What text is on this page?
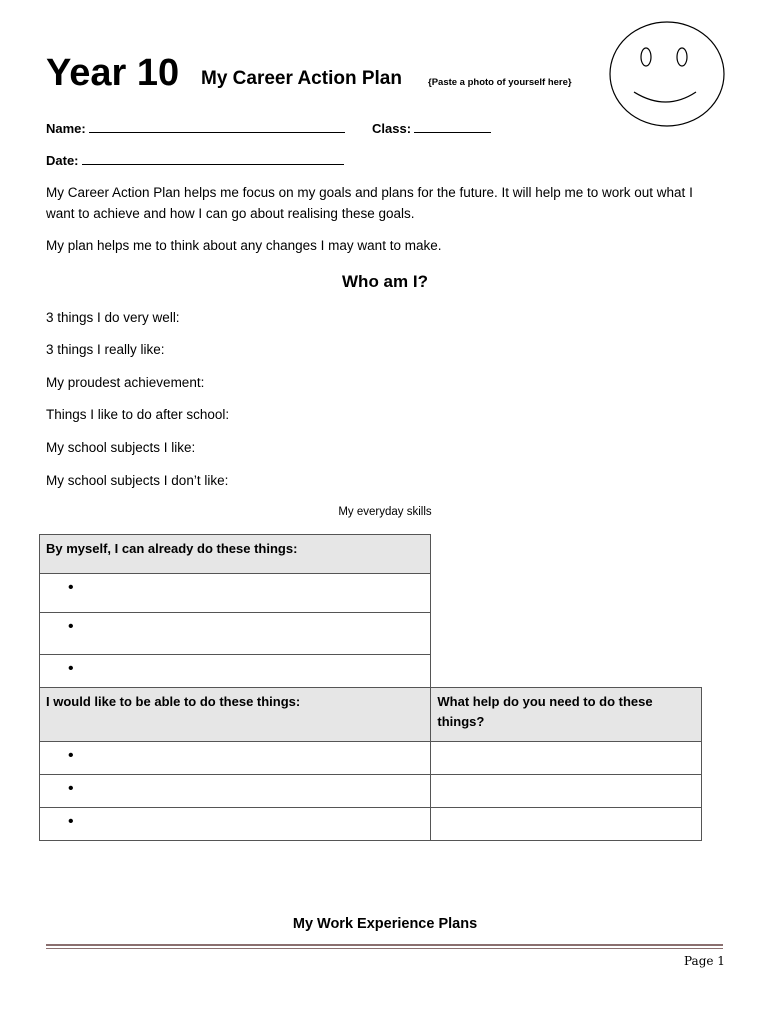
Year 10 My Career Action Plan	{Paste a photo of yourself here}
Name:	Class:
Date:
My Career Action Plan helps me focus on my goals and plans for the future. It will help me to work out what I want to achieve and how I can go about realising these goals.
My plan helps me to think about any changes I may want to make.
Who am I?
3 things I do very well:
3 things I really like:
My proudest achievement:
Things I like to do after school:
My school subjects I like:
My school subjects I don’t like:
My everyday skills
By myself, I can already do these things:	

•	

•	

•	

I would like to be able to do these things:	What help do you need to do these things?

•	

•	

•	

My Work Experience Plans
Page 1
